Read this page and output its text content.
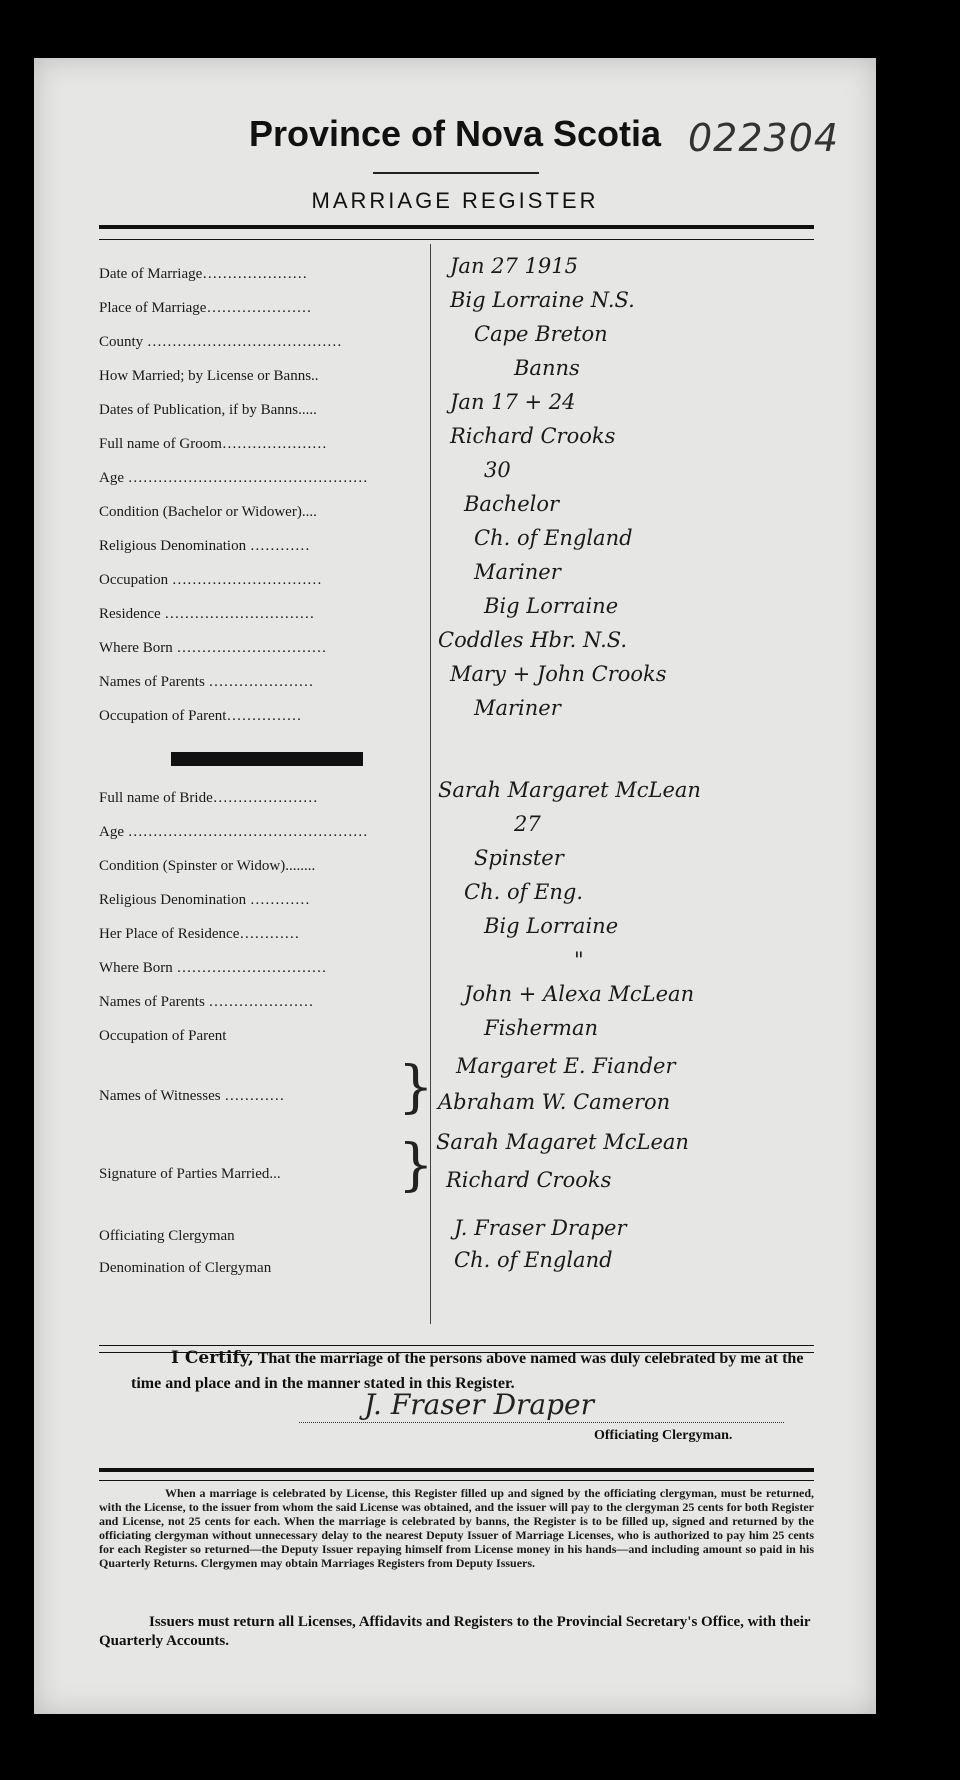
022304
Province of Nova Scotia
MARRIAGE REGISTER
Date of Marriage…………………	Jan 27 1915
Place of Marriage…………………	Big Lorraine N.S.
County …………………………………	Cape Breton
How Married; by License or Banns..	Banns
Dates of Publication, if by Banns.....	Jan 17 + 24
Full name of Groom…………………	Richard Crooks
Age …………………………………………	30
Condition (Bachelor or Widower)....	Bachelor
Religious Denomination …………	Ch. of England
Occupation …………………………	Mariner
Residence …………………………	Big Lorraine
Where Born …………………………	Coddles Hbr. N.S.
Names of Parents …………………	Mary + John Crooks
Occupation of Parent……………	Mariner
Full name of Bride…………………	Sarah Margaret McLean
Age …………………………………………	27
Condition (Spinster or Widow)........	Spinster
Religious Denomination …………	Ch. of Eng.
Her Place of Residence…………	Big Lorraine
Where Born …………………………	"
Names of Parents …………………	John + Alexa McLean
Occupation of Parent	Fisherman
Names of Witnesses ………… } Margaret E. Fiander
Abraham W. Cameron
Signature of Parties Married... } Sarah Magaret McLean
Richard Crooks
Officiating Clergyman	J. Fraser Draper
Denomination of Clergyman	Ch. of England
I Certify, That the marriage of the persons above named was duly celebrated by me at the time and place and in the manner stated in this Register.
J. Fraser Draper
Officiating Clergyman.
When a marriage is celebrated by License, this Register filled up and signed by the officiating clergyman, must be returned, with the License, to the issuer from whom the said License was obtained, and the issuer will pay to the clergyman 25 cents for both Register and License, not 25 cents for each. When the marriage is celebrated by banns, the Register is to be filled up, signed and returned by the officiating clergyman without unnecessary delay to the nearest Deputy Issuer of Marriage Licenses, who is authorized to pay him 25 cents for each Register so returned—the Deputy Issuer repaying himself from License money in his hands—and including amount so paid in his Quarterly Returns. Clergymen may obtain Marriages Registers from Deputy Issuers.
Issuers must return all Licenses, Affidavits and Registers to the Provincial Secretary's Office, with their Quarterly Accounts.
